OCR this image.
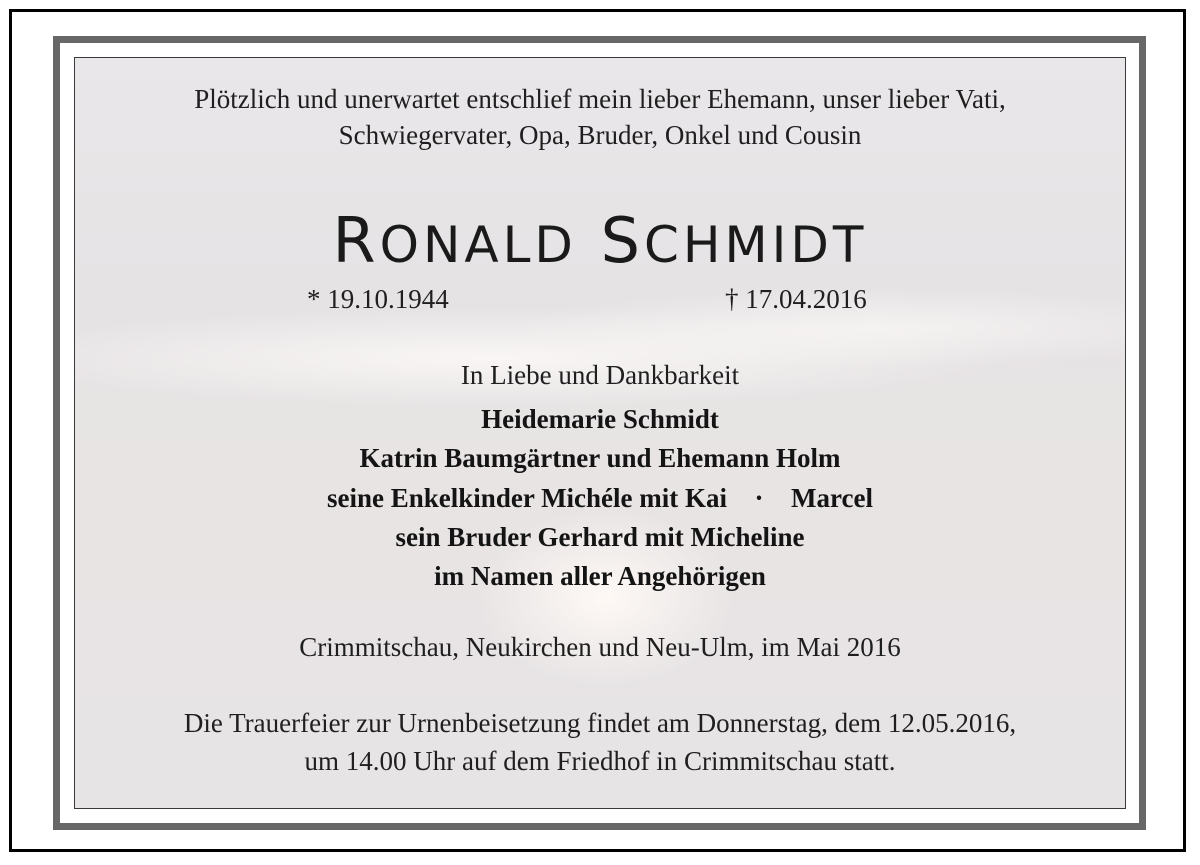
Plötzlich und unerwartet entschlief mein lieber Ehemann, unser lieber Vati,
Schwiegervater, Opa, Bruder, Onkel und Cousin
RONALD SCHMIDT
* 19.10.1944	† 17.04.2016
In Liebe und Dankbarkeit
Heidemarie Schmidt
Katrin Baumgärtner und Ehemann Holm
seine Enkelkinder Michéle mit Kai · Marcel
sein Bruder Gerhard mit Micheline
im Namen aller Angehörigen
Crimmitschau, Neukirchen und Neu-Ulm, im Mai 2016
Die Trauerfeier zur Urnenbeisetzung findet am Donnerstag, dem 12.05.2016,
um 14.00 Uhr auf dem Friedhof in Crimmitschau statt.
